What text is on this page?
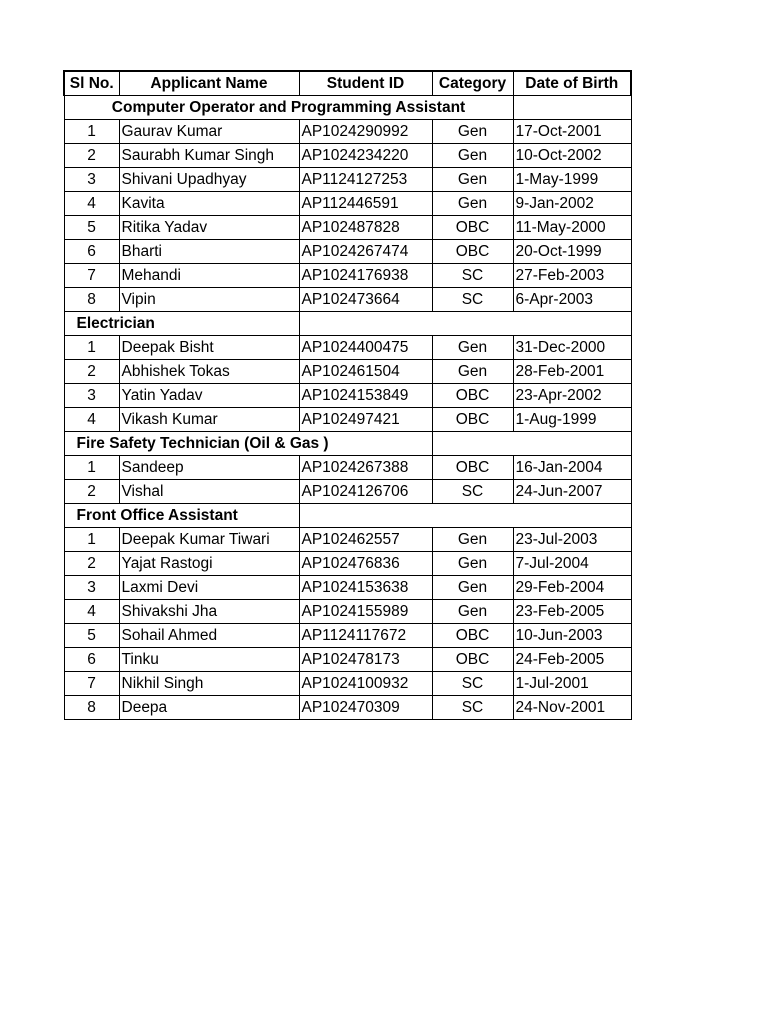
Sl No.	Applicant Name	Student ID	Category	Date of Birth
Computer Operator and Programming Assistant				
1	Gaurav Kumar	AP1024290992	Gen	17-Oct-2001
2	Saurabh Kumar Singh	AP1024234220	Gen	10-Oct-2002
3	Shivani Upadhyay	AP1124127253	Gen	1-May-1999
4	Kavita	AP112446591	Gen	9-Jan-2002
5	Ritika Yadav	AP102487828	OBC	11-May-2000
6	Bharti	AP1024267474	OBC	20-Oct-1999
7	Mehandi	AP1024176938	SC	27-Feb-2003
8	Vipin	AP102473664	SC	6-Apr-2003
Electrician				
1	Deepak Bisht	AP1024400475	Gen	31-Dec-2000
2	Abhishek Tokas	AP102461504	Gen	28-Feb-2001
3	Yatin Yadav	AP1024153849	OBC	23-Apr-2002
4	Vikash Kumar	AP102497421	OBC	1-Aug-1999
Fire Safety Technician (Oil & Gas )				
1	Sandeep	AP1024267388	OBC	16-Jan-2004
2	Vishal	AP1024126706	SC	24-Jun-2007
Front Office Assistant				
1	Deepak Kumar Tiwari	AP102462557	Gen	23-Jul-2003
2	Yajat Rastogi	AP102476836	Gen	7-Jul-2004
3	Laxmi Devi	AP1024153638	Gen	29-Feb-2004
4	Shivakshi Jha	AP1024155989	Gen	23-Feb-2005
5	Sohail Ahmed	AP1124117672	OBC	10-Jun-2003
6	Tinku	AP102478173	OBC	24-Feb-2005
7	Nikhil Singh	AP1024100932	SC	1-Jul-2001
8	Deepa	AP102470309	SC	24-Nov-2001
